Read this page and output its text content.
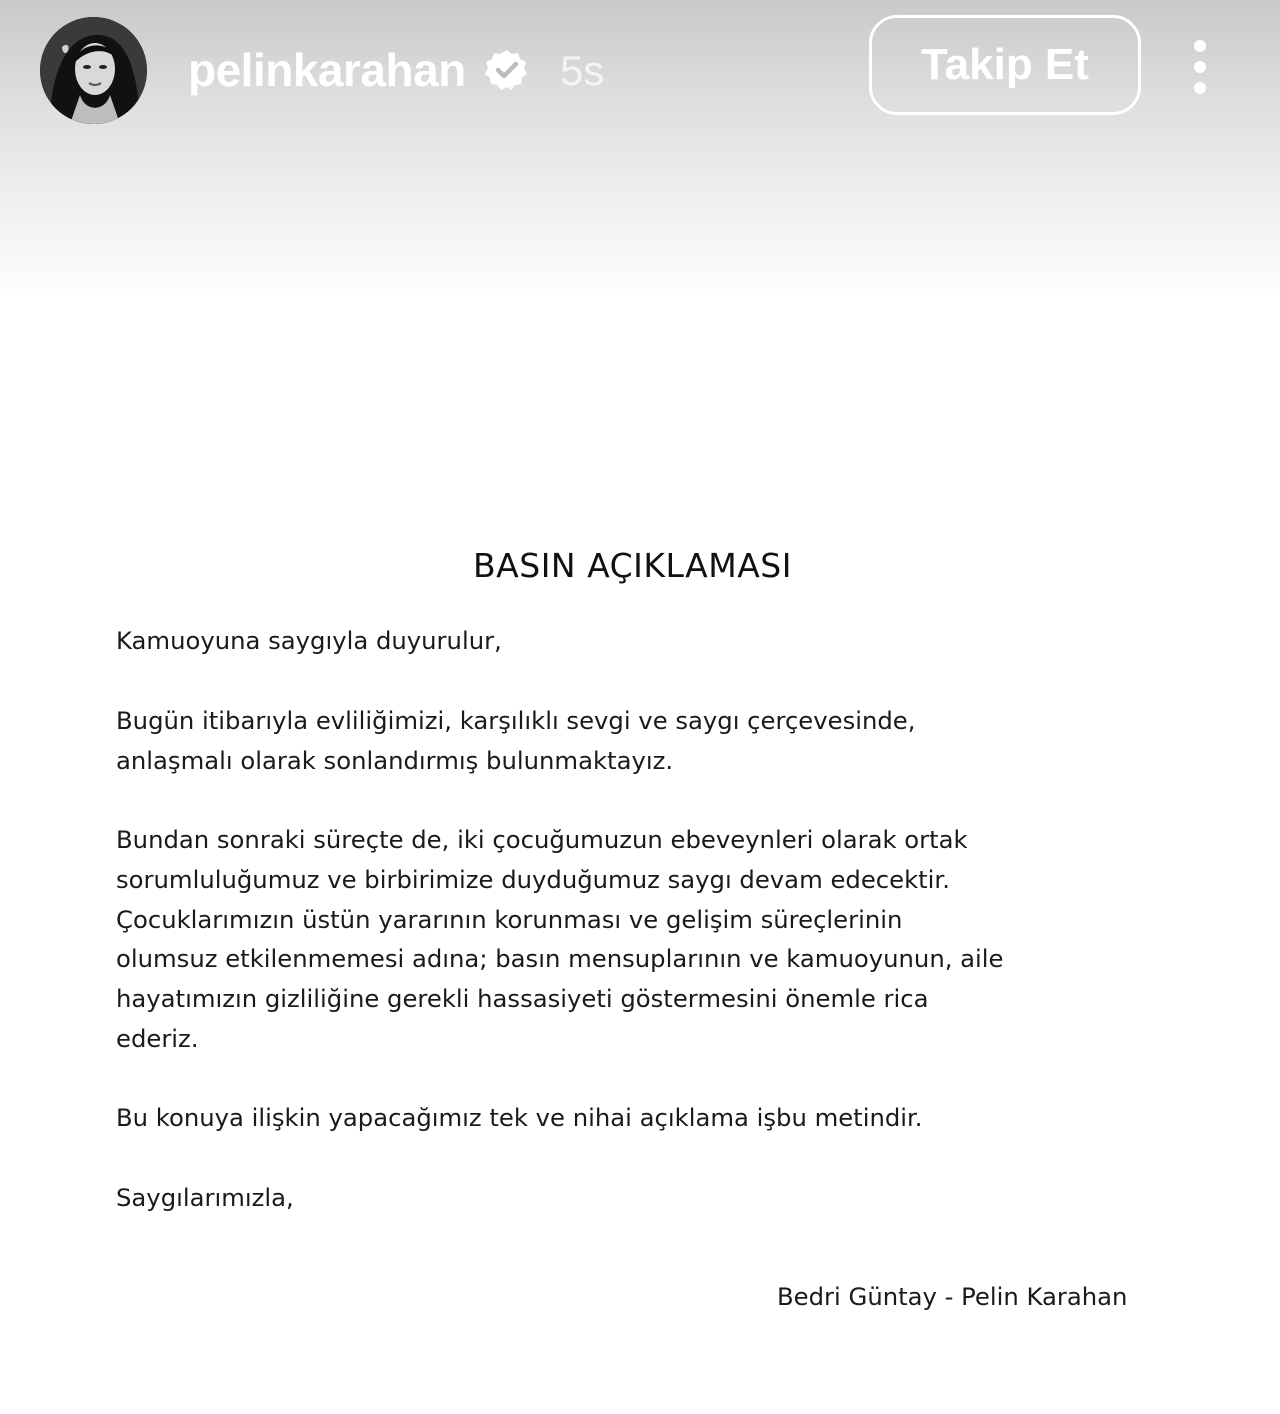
BASIN AÇIKLAMASI

Kamuoyuna saygıyla duyurulur,

Bugün itibarıyla evliliğimizi, karşılıklı sevgi ve saygı çerçevesinde,
anlaşmalı olarak sonlandırmış bulunmaktayız.

Bundan sonraki süreçte de, iki çocuğumuzun ebeveynleri olarak ortak
sorumluluğumuz ve birbirimize duyduğumuz saygı devam edecektir.
Çocuklarımızın üstün yararının korunması ve gelişim süreçlerinin
olumsuz etkilenmemesi adına; basın mensuplarının ve kamuoyunun, aile
hayatımızın gizliliğine gerekli hassasiyeti göstermesini önemle rica
ederiz.

Bu konuya ilişkin yapacağımız tek ve nihai açıklama işbu metindir.

Saygılarımızla,

Bedri Güntay - Pelin Karahan
pelinkarahan 5s	Takip Et
